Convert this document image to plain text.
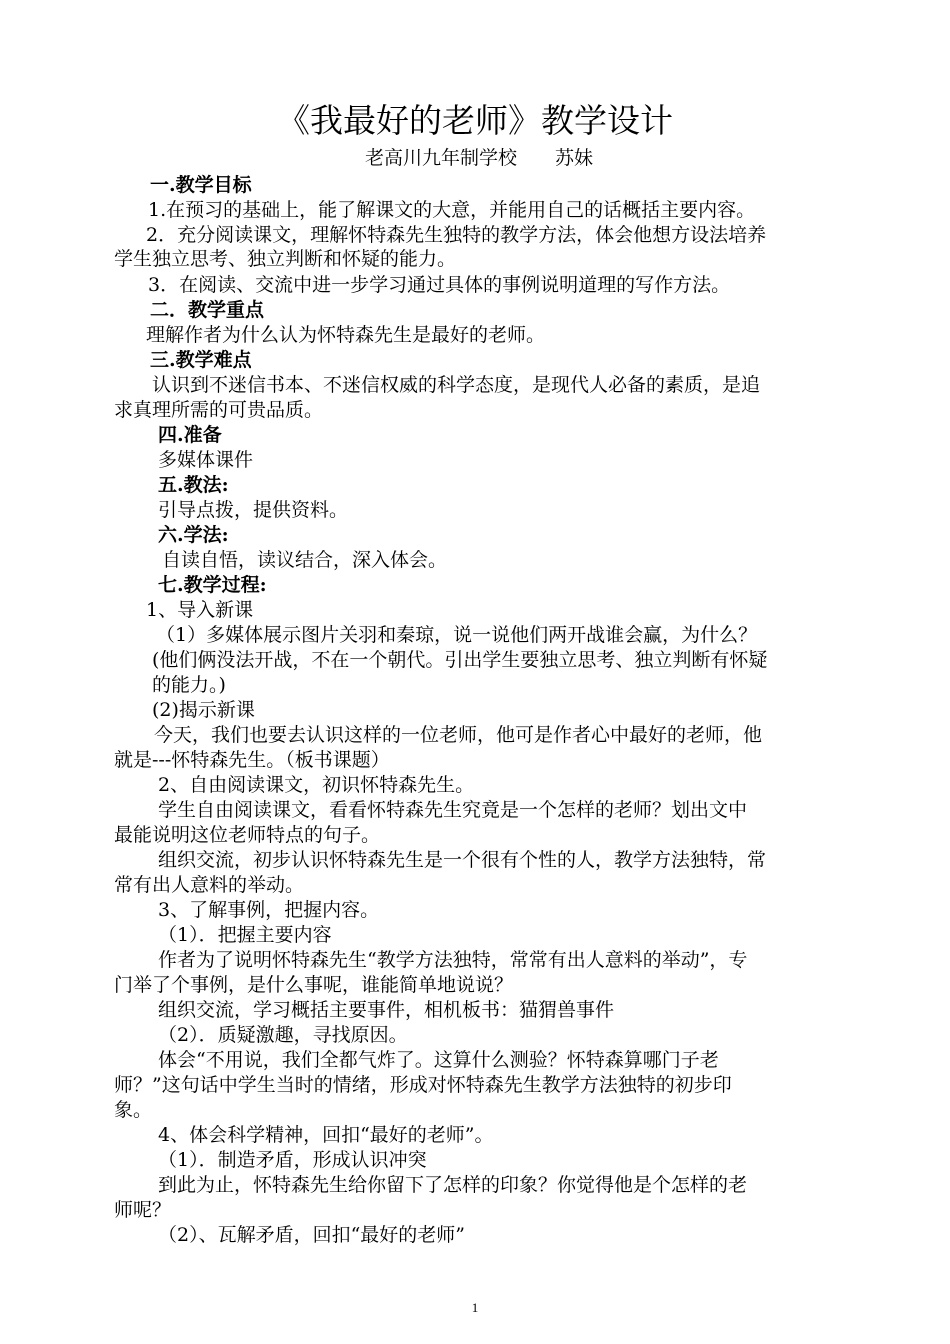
《我最好的老师》教学设计
老高川九年制学校　　苏妹
一.教学目标
1.在预习的基础上，能了解课文的大意，并能用自己的话概括主要内容。
2．充分阅读课文，理解怀特森先生独特的教学方法，体会他想方设法培养
学生独立思考、独立判断和怀疑的能力。
3．在阅读、交流中进一步学习通过具体的事例说明道理的写作方法。
二．教学重点
理解作者为什么认为怀特森先生是最好的老师。
三.教学难点
认识到不迷信书本、不迷信权威的科学态度，是现代人必备的素质，是追
求真理所需的可贵品质。
四.准备
多媒体课件
五.教法:
引导点拨，提供资料。
六.学法:
自读自悟，读议结合，深入体会。
七.教学过程:
1、导入新课
（1）多媒体展示图片关羽和秦琼，说一说他们两开战谁会赢，为什么？
(他们俩没法开战，不在一个朝代。引出学生要独立思考、独立判断有怀疑
的能力。)
(2)揭示新课
今天，我们也要去认识这样的一位老师，他可是作者心中最好的老师，他
就是---怀特森先生。（板书课题）
2、自由阅读课文，初识怀特森先生。
学生自由阅读课文，看看怀特森先生究竟是一个怎样的老师？划出文中
最能说明这位老师特点的句子。
组织交流，初步认识怀特森先生是一个很有个性的人，教学方法独特，常
常有出人意料的举动。
3、了解事例，把握内容。
（1）．把握主要内容
作者为了说明怀特森先生“教学方法独特，常常有出人意料的举动”，专
门举了个事例，是什么事呢，谁能简单地说说？
组织交流，学习概括主要事件，相机板书：猫猬兽事件
（2）．质疑激趣，寻找原因。
体会“不用说，我们全都气炸了。这算什么测验？怀特森算哪门子老
师？”这句话中学生当时的情绪，形成对怀特森先生教学方法独特的初步印
象。
4、体会科学精神，回扣“最好的老师”。
（1）．制造矛盾，形成认识冲突
到此为止，怀特森先生给你留下了怎样的印象？你觉得他是个怎样的老
师呢？
（2）、瓦解矛盾，回扣“最好的老师”
1
